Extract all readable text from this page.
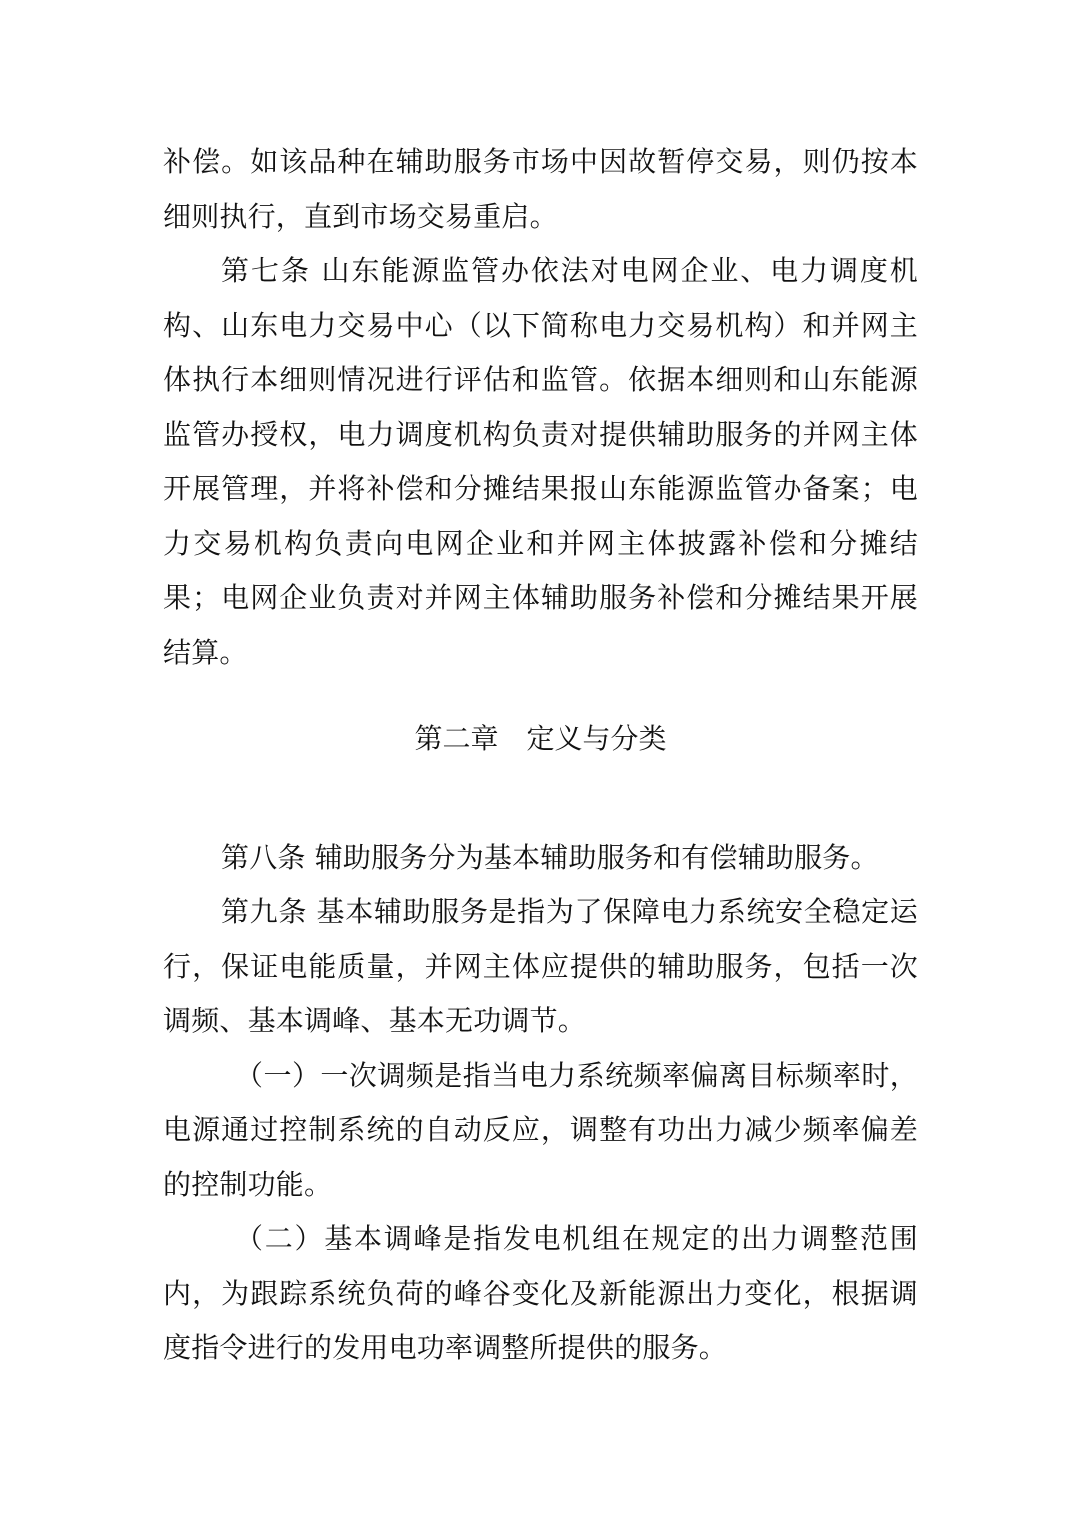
补偿。如该品种在辅助服务市场中因故暂停交易，则仍按本细则执行，直到市场交易重启。

第七条 山东能源监管办依法对电网企业、电力调度机构、山东电力交易中心（以下简称电力交易机构）和并网主体执行本细则情况进行评估和监管。依据本细则和山东能源监管办授权，电力调度机构负责对提供辅助服务的并网主体开展管理，并将补偿和分摊结果报山东能源监管办备案；电力交易机构负责向电网企业和并网主体披露补偿和分摊结果；电网企业负责对并网主体辅助服务补偿和分摊结果开展结算。

第二章　定义与分类

第八条 辅助服务分为基本辅助服务和有偿辅助服务。

第九条 基本辅助服务是指为了保障电力系统安全稳定运行，保证电能质量，并网主体应提供的辅助服务，包括一次调频、基本调峰、基本无功调节。

（一）一次调频是指当电力系统频率偏离目标频率时，电源通过控制系统的自动反应，调整有功出力减少频率偏差的控制功能。

（二）基本调峰是指发电机组在规定的出力调整范围内，为跟踪系统负荷的峰谷变化及新能源出力变化，根据调度指令进行的发用电功率调整所提供的服务。
